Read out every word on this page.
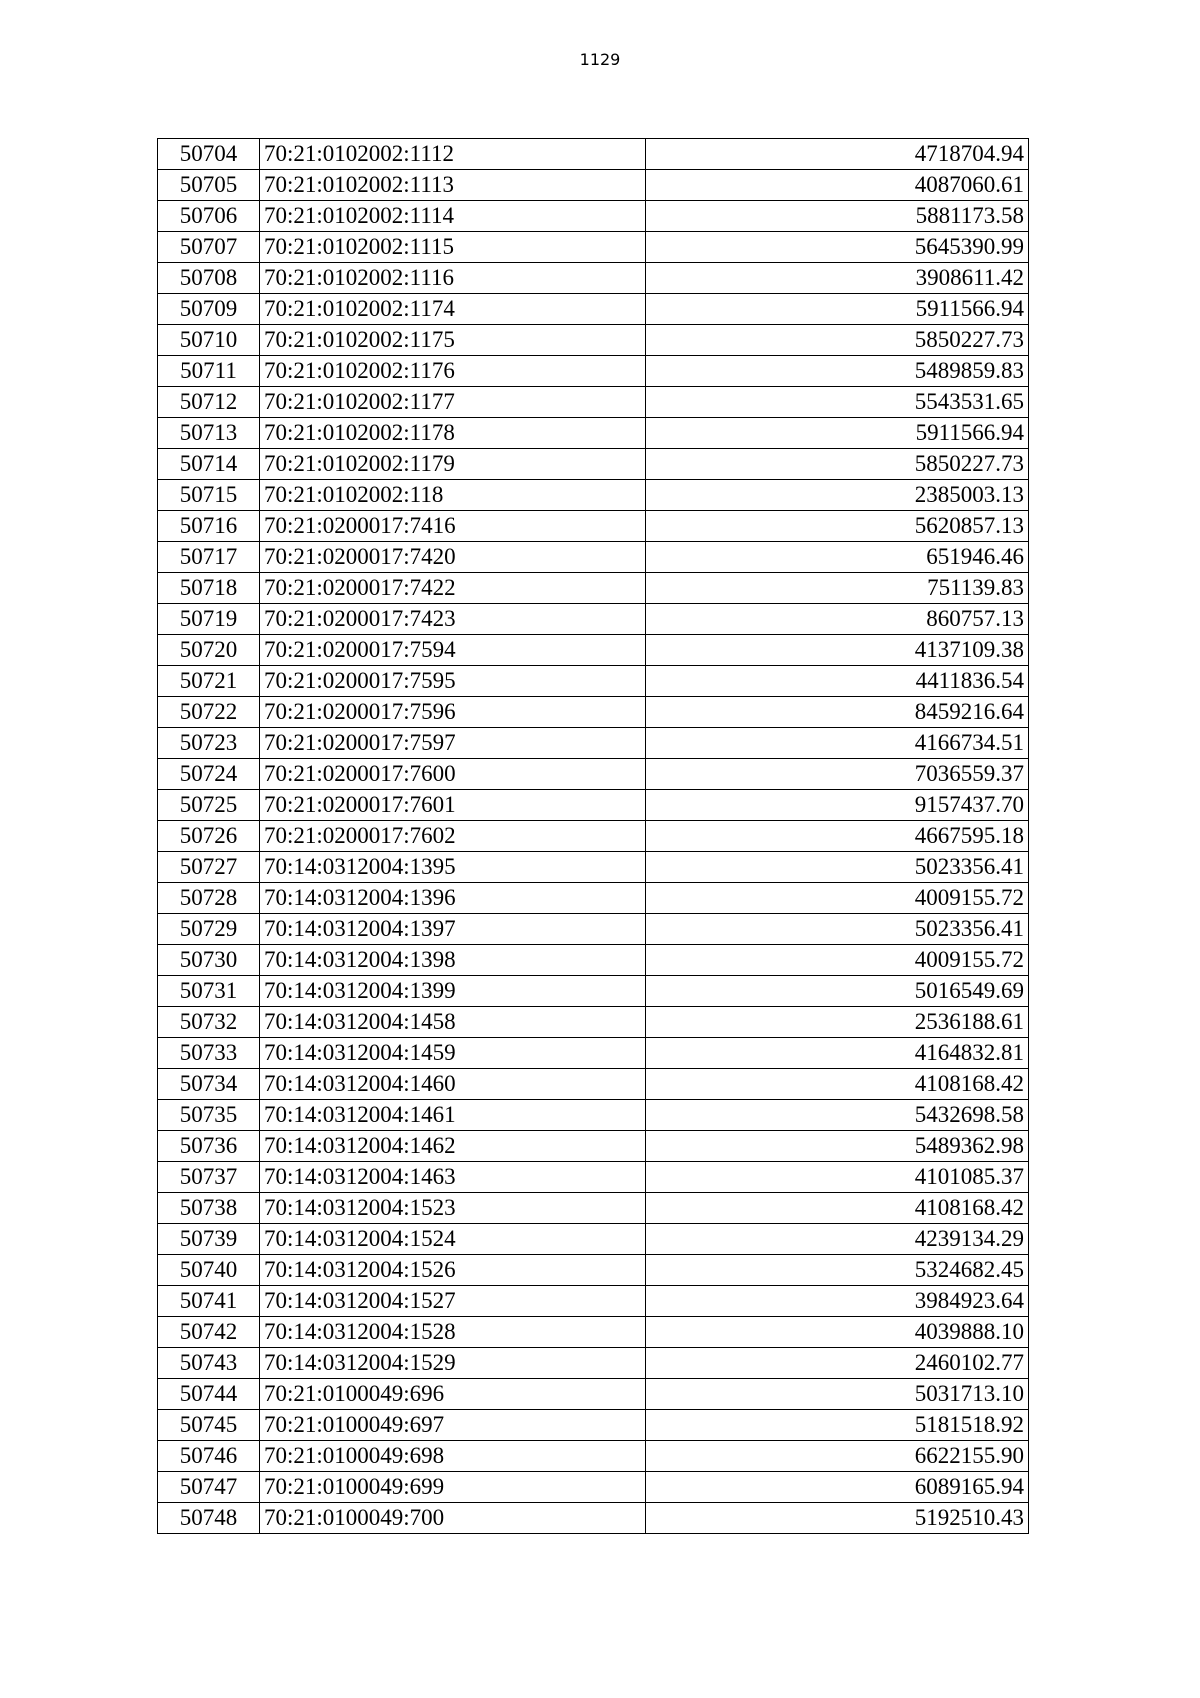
1129
50704	70:21:0102002:1112	4718704.94
50705	70:21:0102002:1113	4087060.61
50706	70:21:0102002:1114	5881173.58
50707	70:21:0102002:1115	5645390.99
50708	70:21:0102002:1116	3908611.42
50709	70:21:0102002:1174	5911566.94
50710	70:21:0102002:1175	5850227.73
50711	70:21:0102002:1176	5489859.83
50712	70:21:0102002:1177	5543531.65
50713	70:21:0102002:1178	5911566.94
50714	70:21:0102002:1179	5850227.73
50715	70:21:0102002:118	2385003.13
50716	70:21:0200017:7416	5620857.13
50717	70:21:0200017:7420	651946.46
50718	70:21:0200017:7422	751139.83
50719	70:21:0200017:7423	860757.13
50720	70:21:0200017:7594	4137109.38
50721	70:21:0200017:7595	4411836.54
50722	70:21:0200017:7596	8459216.64
50723	70:21:0200017:7597	4166734.51
50724	70:21:0200017:7600	7036559.37
50725	70:21:0200017:7601	9157437.70
50726	70:21:0200017:7602	4667595.18
50727	70:14:0312004:1395	5023356.41
50728	70:14:0312004:1396	4009155.72
50729	70:14:0312004:1397	5023356.41
50730	70:14:0312004:1398	4009155.72
50731	70:14:0312004:1399	5016549.69
50732	70:14:0312004:1458	2536188.61
50733	70:14:0312004:1459	4164832.81
50734	70:14:0312004:1460	4108168.42
50735	70:14:0312004:1461	5432698.58
50736	70:14:0312004:1462	5489362.98
50737	70:14:0312004:1463	4101085.37
50738	70:14:0312004:1523	4108168.42
50739	70:14:0312004:1524	4239134.29
50740	70:14:0312004:1526	5324682.45
50741	70:14:0312004:1527	3984923.64
50742	70:14:0312004:1528	4039888.10
50743	70:14:0312004:1529	2460102.77
50744	70:21:0100049:696	5031713.10
50745	70:21:0100049:697	5181518.92
50746	70:21:0100049:698	6622155.90
50747	70:21:0100049:699	6089165.94
50748	70:21:0100049:700	5192510.43
